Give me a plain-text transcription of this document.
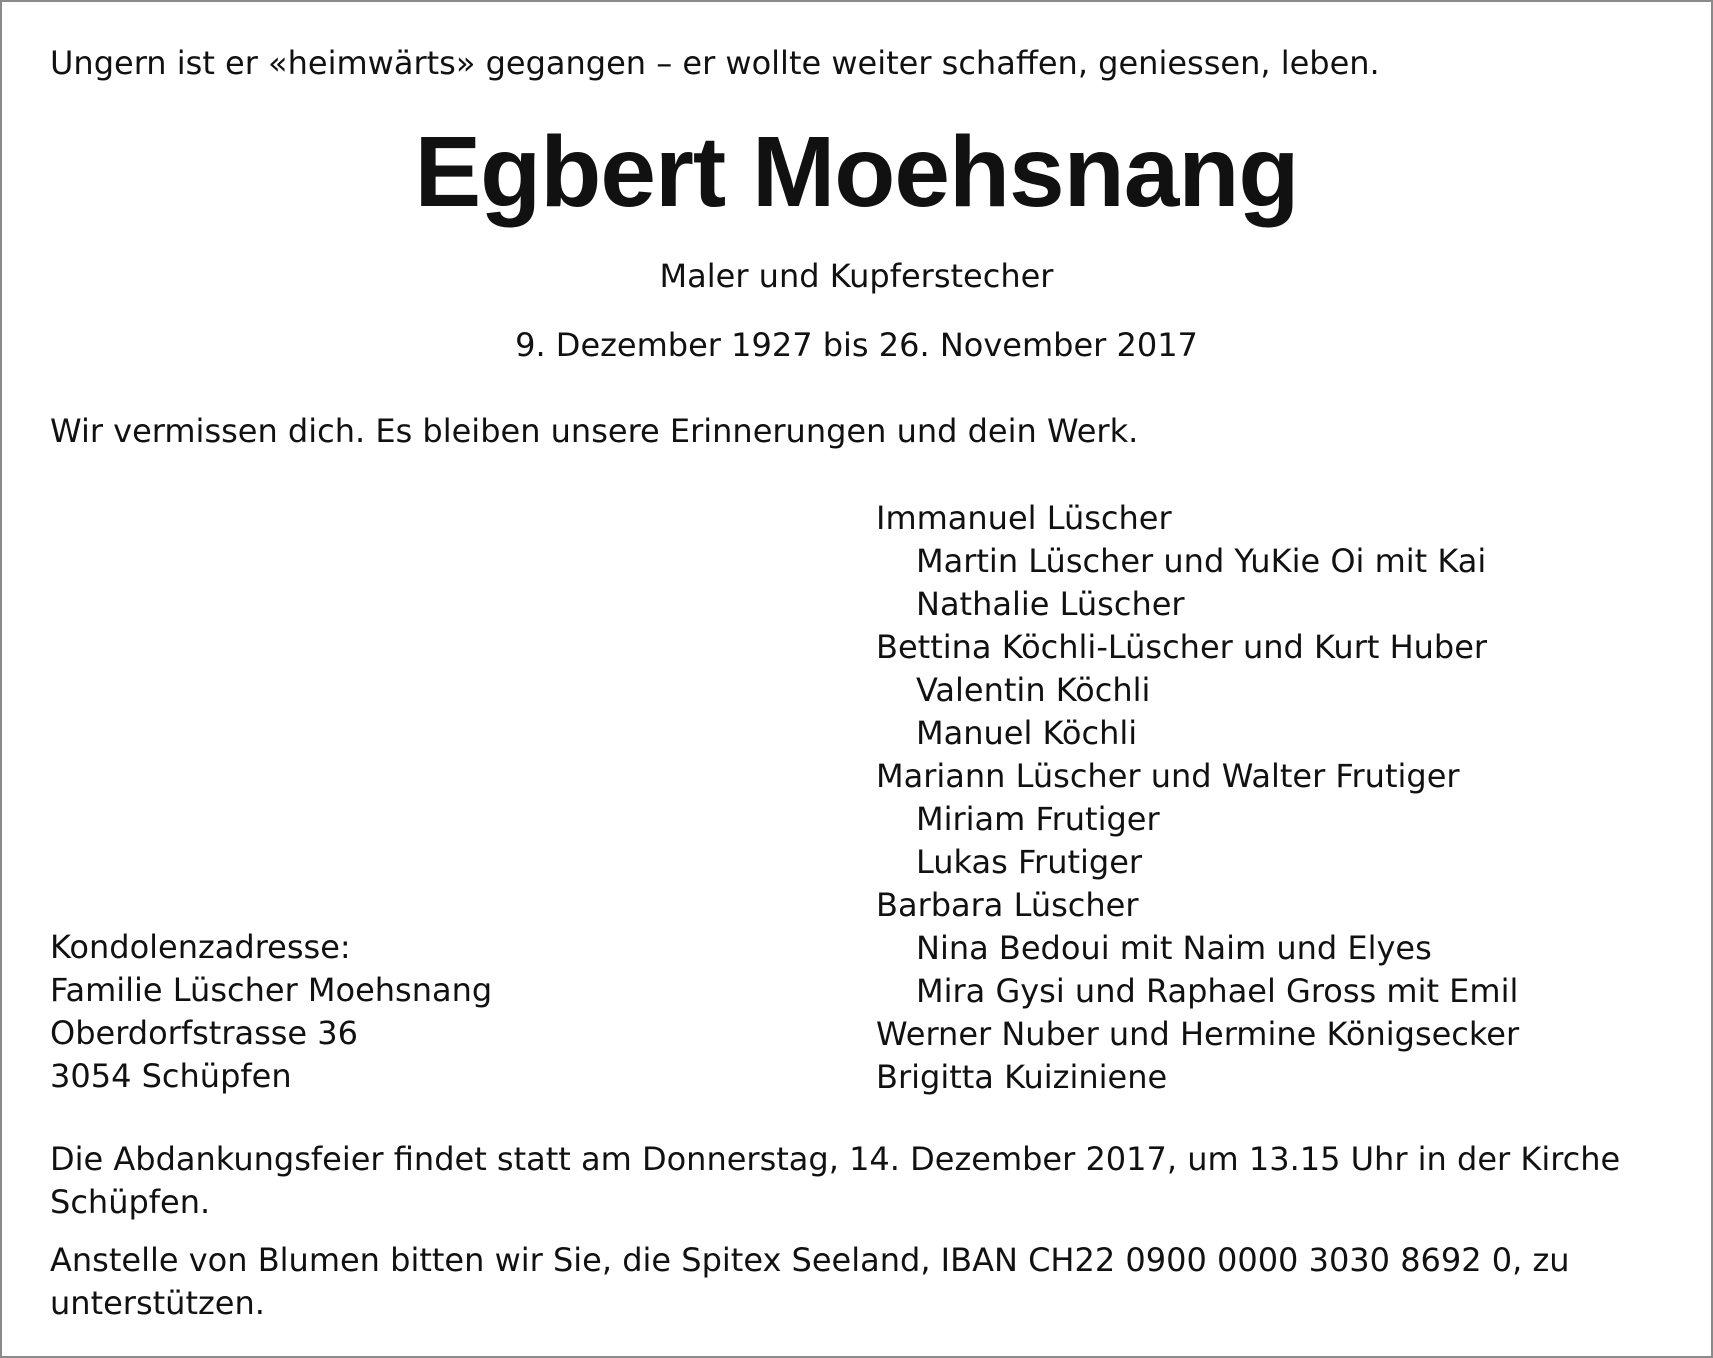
Ungern ist er «heimwärts» gegangen – er wollte weiter schaffen, geniessen, leben.
Egbert Moehsnang
Maler und Kupferstecher
9. Dezember 1927 bis 26. November 2017
Wir vermissen dich. Es bleiben unsere Erinnerungen und dein Werk.
Immanuel Lüscher
Martin Lüscher und YuKie Oi mit Kai
Nathalie Lüscher
Bettina Köchli-Lüscher und Kurt Huber
Valentin Köchli
Manuel Köchli
Mariann Lüscher und Walter Frutiger
Miriam Frutiger
Lukas Frutiger
Barbara Lüscher
Nina Bedoui mit Naim und Elyes
Mira Gysi und Raphael Gross mit Emil
Werner Nuber und Hermine Königsecker
Brigitta Kuiziniene
Kondolenzadresse:
Familie Lüscher Moehsnang
Oberdorfstrasse 36
3054 Schüpfen
Die Abdankungsfeier findet statt am Donnerstag, 14. Dezember 2017, um 13.15 Uhr in der Kirche Schüpfen.
Anstelle von Blumen bitten wir Sie, die Spitex Seeland, IBAN CH22 0900 0000 3030 8692 0, zu unterstützen.
